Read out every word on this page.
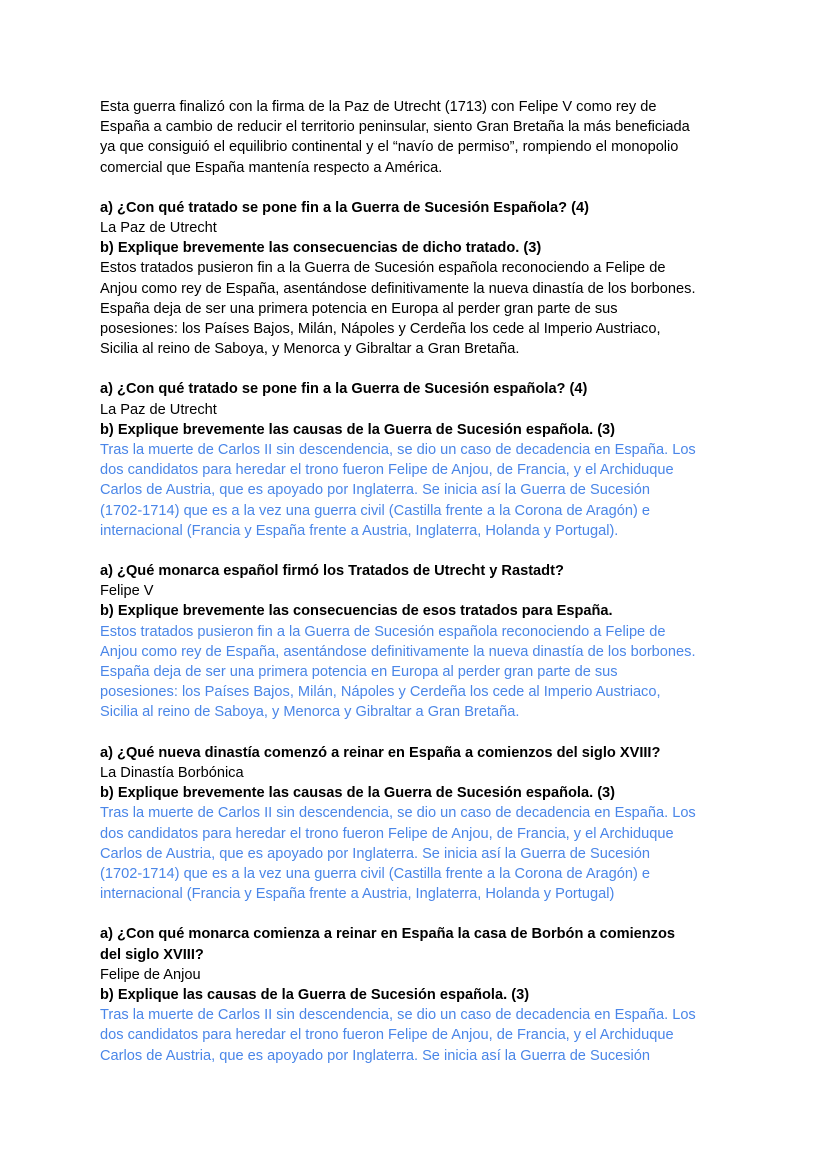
Esta guerra finalizó con la firma de la Paz de Utrecht (1713) con Felipe V como rey de
España a cambio de reducir el territorio peninsular, siento Gran Bretaña la más beneficiada
ya que consiguió el equilibrio continental y el “navío de permiso”, rompiendo el monopolio
comercial que España mantenía respecto a América.

a) ¿Con qué tratado se pone fin a la Guerra de Sucesión Española? (4)

La Paz de Utrecht

b) Explique brevemente las consecuencias de dicho tratado. (3)

Estos tratados pusieron fin a la Guerra de Sucesión española reconociendo a Felipe de
Anjou como rey de España, asentándose definitivamente la nueva dinastía de los borbones.
España deja de ser una primera potencia en Europa al perder gran parte de sus
posesiones: los Países Bajos, Milán, Nápoles y Cerdeña los cede al Imperio Austriaco,
Sicilia al reino de Saboya, y Menorca y Gibraltar a Gran Bretaña.

a) ¿Con qué tratado se pone fin a la Guerra de Sucesión española? (4)

La Paz de Utrecht

b) Explique brevemente las causas de la Guerra de Sucesión española. (3)

Tras la muerte de Carlos II sin descendencia, se dio un caso de decadencia en España. Los
dos candidatos para heredar el trono fueron Felipe de Anjou, de Francia, y el Archiduque
Carlos de Austria, que es apoyado por Inglaterra. Se inicia así la Guerra de Sucesión
(1702-1714) que es a la vez una guerra civil (Castilla frente a la Corona de Aragón) e
internacional (Francia y España frente a Austria, Inglaterra, Holanda y Portugal).

a) ¿Qué monarca español firmó los Tratados de Utrecht y Rastadt?

Felipe V

b) Explique brevemente las consecuencias de esos tratados para España.

Estos tratados pusieron fin a la Guerra de Sucesión española reconociendo a Felipe de
Anjou como rey de España, asentándose definitivamente la nueva dinastía de los borbones.
España deja de ser una primera potencia en Europa al perder gran parte de sus
posesiones: los Países Bajos, Milán, Nápoles y Cerdeña los cede al Imperio Austriaco,
Sicilia al reino de Saboya, y Menorca y Gibraltar a Gran Bretaña.

a) ¿Qué nueva dinastía comenzó a reinar en España a comienzos del siglo XVIII?

La Dinastía Borbónica

b) Explique brevemente las causas de la Guerra de Sucesión española. (3)

Tras la muerte de Carlos II sin descendencia, se dio un caso de decadencia en España. Los
dos candidatos para heredar el trono fueron Felipe de Anjou, de Francia, y el Archiduque
Carlos de Austria, que es apoyado por Inglaterra. Se inicia así la Guerra de Sucesión
(1702-1714) que es a la vez una guerra civil (Castilla frente a la Corona de Aragón) e
internacional (Francia y España frente a Austria, Inglaterra, Holanda y Portugal)

a) ¿Con qué monarca comienza a reinar en España la casa de Borbón a comienzos
del siglo XVIII?

Felipe de Anjou

b) Explique las causas de la Guerra de Sucesión española. (3)

Tras la muerte de Carlos II sin descendencia, se dio un caso de decadencia en España. Los
dos candidatos para heredar el trono fueron Felipe de Anjou, de Francia, y el Archiduque
Carlos de Austria, que es apoyado por Inglaterra. Se inicia así la Guerra de Sucesión
